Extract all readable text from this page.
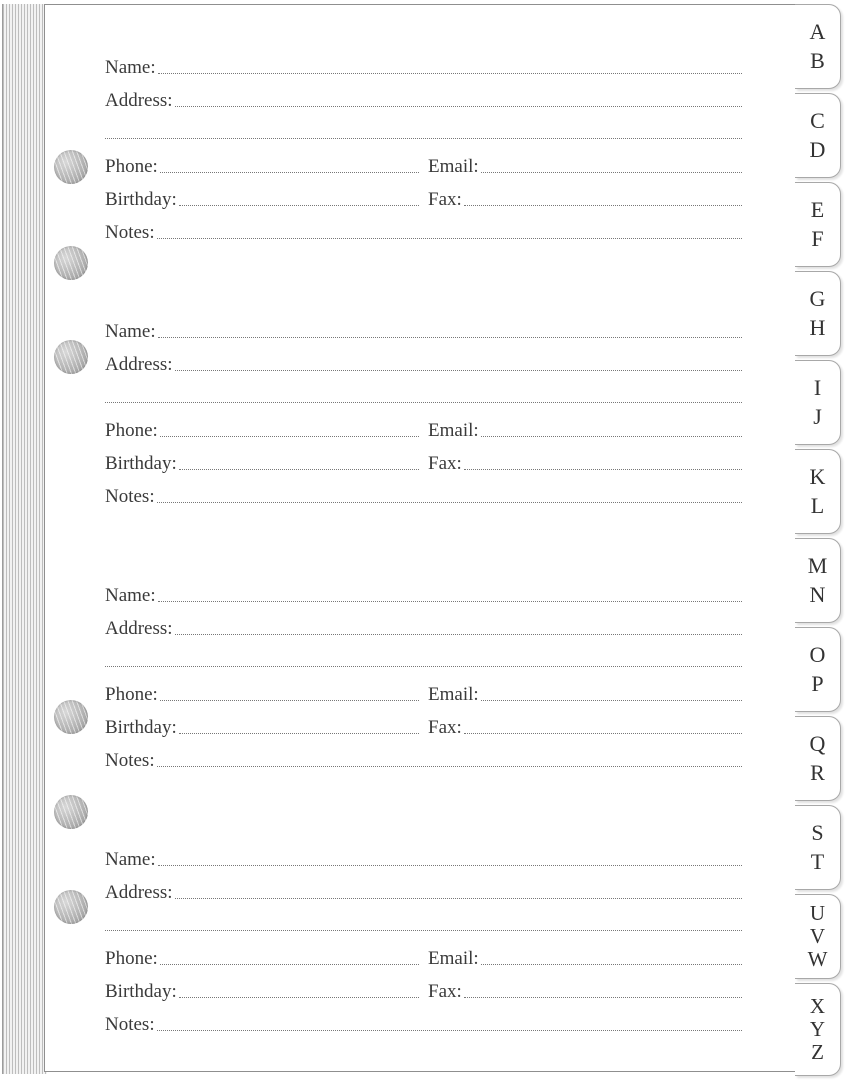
Name:
Address:
Phone:	Email:
Birthday:	Fax:
Notes:
Name:
Address:
Phone:	Email:
Birthday:	Fax:
Notes:
Name:
Address:
Phone:	Email:
Birthday:	Fax:
Notes:
Name:
Address:
Phone:	Email:
Birthday:	Fax:
Notes:
A
B
C
D
E
F
G
H
I
J
K
L
M
N
O
P
Q
R
S
T
U
V
W
X
Y
Z
